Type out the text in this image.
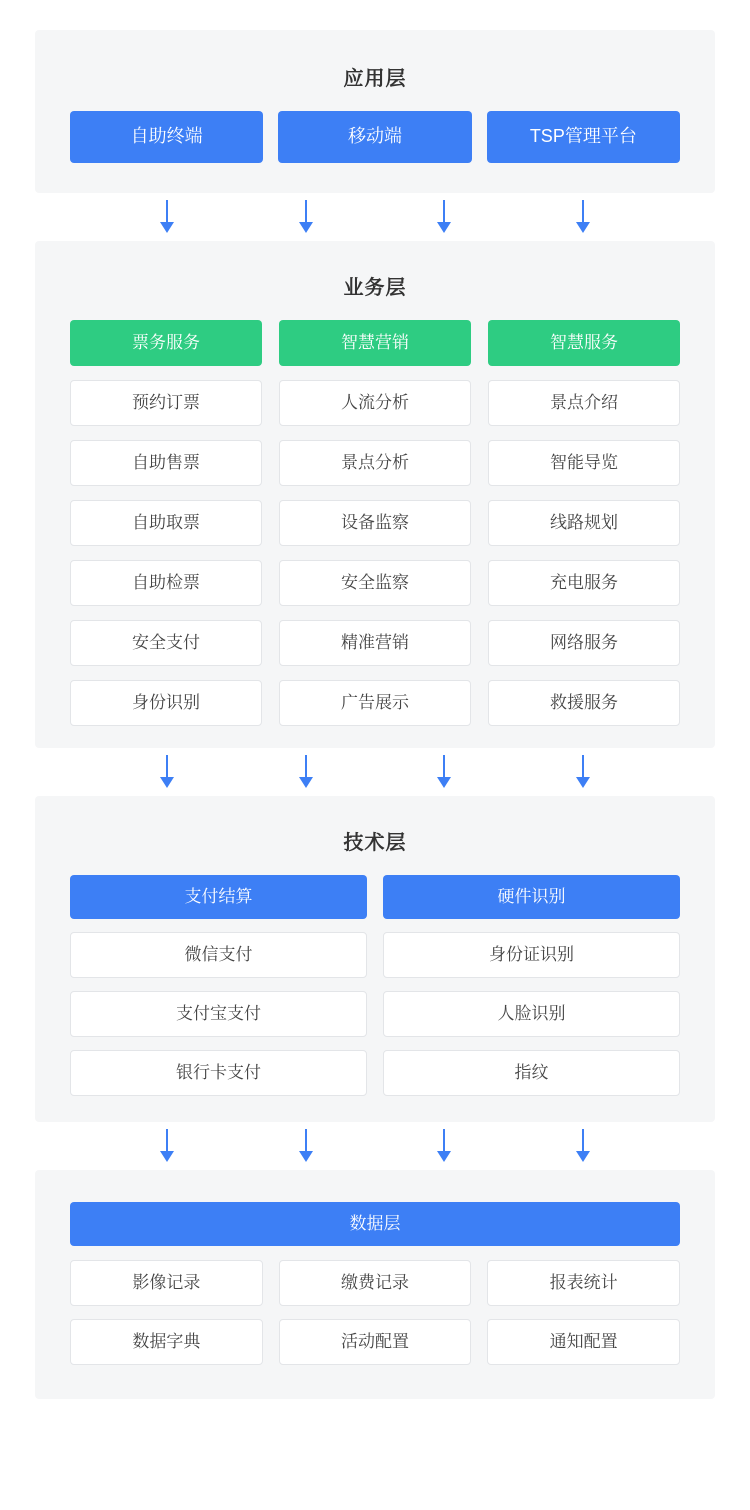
应用层
自助终端	移动端	TSP管理平台
业务层
票务服务	智慧营销	智慧服务
预约订票	人流分析	景点介绍
自助售票	景点分析	智能导览
自助取票	设备监察	线路规划
自助检票	安全监察	充电服务
安全支付	精准营销	网络服务
身份识别	广告展示	救援服务
技术层
支付结算	硬件识别
微信支付	身份证识别
支付宝支付	人脸识别
银行卡支付	指纹
数据层
影像记录	缴费记录	报表统计
数据字典	活动配置	通知配置
